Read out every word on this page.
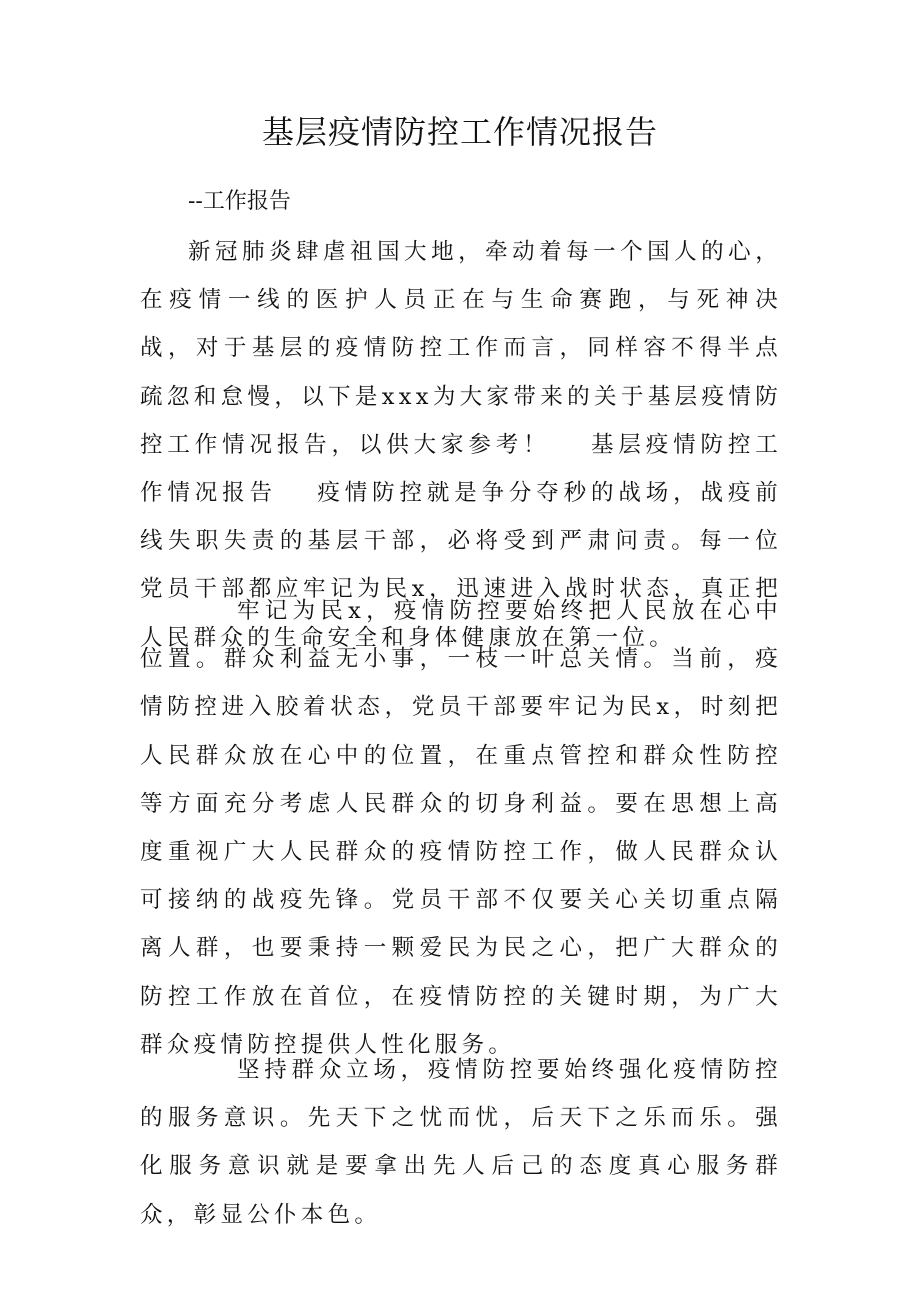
基层疫情防控工作情况报告

--工作报告

新冠肺炎肆虐祖国大地，牵动着每一个国人的心，在疫情一线的医护人员正在与生命赛跑，与死神决战，对于基层的疫情防控工作而言，同样容不得半点疏忽和怠慢，以下是xxx为大家带来的关于基层疫情防控工作情况报告，以供大家参考！ 基层疫情防控工作情况报告 疫情防控就是争分夺秒的战场，战疫前线失职失责的基层干部，必将受到严肃问责。每一位党员干部都应牢记为民x，迅速进入战时状态，真正把人民群众的生命安全和身体健康放在第一位。

牢记为民x，疫情防控要始终把人民放在心中位置。群众利益无小事，一枝一叶总关情。当前，疫情防控进入胶着状态，党员干部要牢记为民x，时刻把人民群众放在心中的位置，在重点管控和群众性防控等方面充分考虑人民群众的切身利益。要在思想上高度重视广大人民群众的疫情防控工作，做人民群众认可接纳的战疫先锋。党员干部不仅要关心关切重点隔离人群，也要秉持一颗爱民为民之心，把广大群众的防控工作放在首位，在疫情防控的关键时期，为广大群众疫情防控提供人性化服务。

坚持群众立场，疫情防控要始终强化疫情防控的服务意识。先天下之忧而忧，后天下之乐而乐。强化服务意识就是要拿出先人后己的态度真心服务群众，彰显公仆本色。
